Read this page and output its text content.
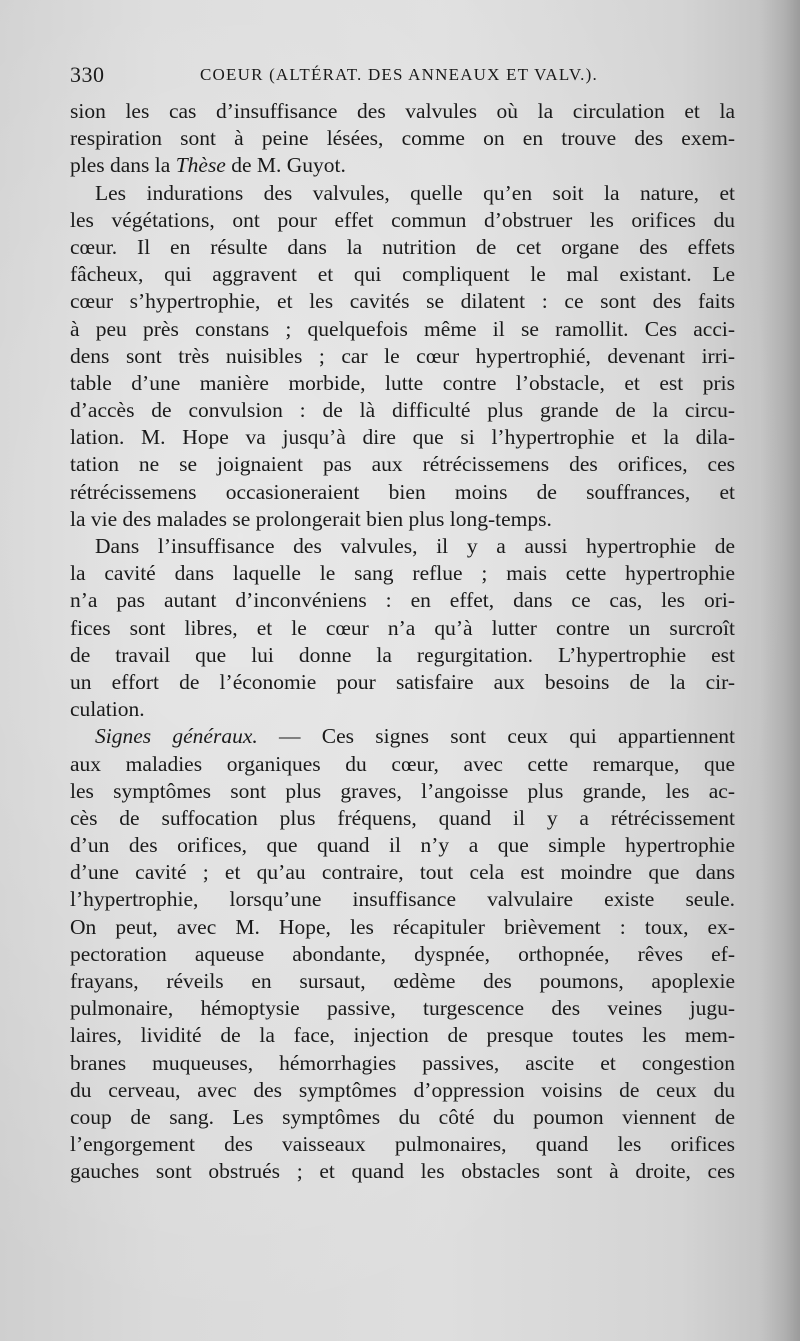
330	COEUR (ALTÉRAT. DES ANNEAUX ET VALV.).
sion les cas d’insuffisance des valvules où la circulation et la
respiration sont à peine lésées, comme on en trouve des exem-
ples dans la Thèse de M. Guyot.
Les indurations des valvules, quelle qu’en soit la nature, et
les végétations, ont pour effet commun d’obstruer les orifices du
cœur. Il en résulte dans la nutrition de cet organe des effets
fâcheux, qui aggravent et qui compliquent le mal existant. Le
cœur s’hypertrophie, et les cavités se dilatent : ce sont des faits
à peu près constans ; quelquefois même il se ramollit. Ces acci-
dens sont très nuisibles ; car le cœur hypertrophié, devenant irri-
table d’une manière morbide, lutte contre l’obstacle, et est pris
d’accès de convulsion : de là difficulté plus grande de la circu-
lation. M. Hope va jusqu’à dire que si l’hypertrophie et la dila-
tation ne se joignaient pas aux rétrécissemens des orifices, ces
rétrécissemens occasioneraient bien moins de souffrances, et
la vie des malades se prolongerait bien plus long-temps.
Dans l’insuffisance des valvules, il y a aussi hypertrophie de
la cavité dans laquelle le sang reflue ; mais cette hypertrophie
n’a pas autant d’inconvéniens : en effet, dans ce cas, les ori-
fices sont libres, et le cœur n’a qu’à lutter contre un surcroît
de travail que lui donne la regurgitation. L’hypertrophie est
un effort de l’économie pour satisfaire aux besoins de la cir-
culation.
Signes généraux. — Ces signes sont ceux qui appartiennent
aux maladies organiques du cœur, avec cette remarque, que
les symptômes sont plus graves, l’angoisse plus grande, les ac-
cès de suffocation plus fréquens, quand il y a rétrécissement
d’un des orifices, que quand il n’y a que simple hypertrophie
d’une cavité ; et qu’au contraire, tout cela est moindre que dans
l’hypertrophie, lorsqu’une insuffisance valvulaire existe seule.
On peut, avec M. Hope, les récapituler brièvement : toux, ex-
pectoration aqueuse abondante, dyspnée, orthopnée, rêves ef-
frayans, réveils en sursaut, œdème des poumons, apoplexie
pulmonaire, hémoptysie passive, turgescence des veines jugu-
laires, lividité de la face, injection de presque toutes les mem-
branes muqueuses, hémorrhagies passives, ascite et congestion
du cerveau, avec des symptômes d’oppression voisins de ceux du
coup de sang. Les symptômes du côté du poumon viennent de
l’engorgement des vaisseaux pulmonaires, quand les orifices
gauches sont obstrués ; et quand les obstacles sont à droite, ces
